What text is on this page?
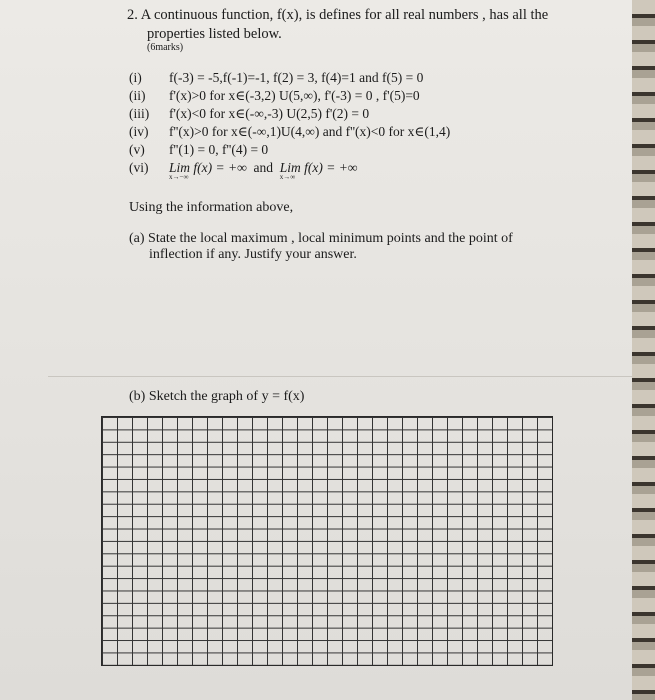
2. A continuous function, f(x), is defines for all real numbers , has all the
properties listed below.
(6marks)
(i) f(-3) = -5,f(-1)=-1, f(2) = 3, f(4)=1 and f(5) = 0
(ii) f'(x)>0 for x∈(-3,2) U(5,∞), f'(-3) = 0 , f'(5)=0
(iii) f'(x)<0 for x∈(-∞,-3) U(2,5) f'(2) = 0
(iv) f''(x)>0 for x∈(-∞,1)U(4,∞) and f''(x)<0 for x∈(1,4)
(v) f''(1) = 0, f''(4) = 0
(vi) Lim f(x) = +∞
x→−∞
and Lim f(x) = +∞
x→∞
Using the information above,
(a) State the local maximum , local minimum points and the point of
inflection if any. Justify your answer.
(b) Sketch the graph of y = f(x)
